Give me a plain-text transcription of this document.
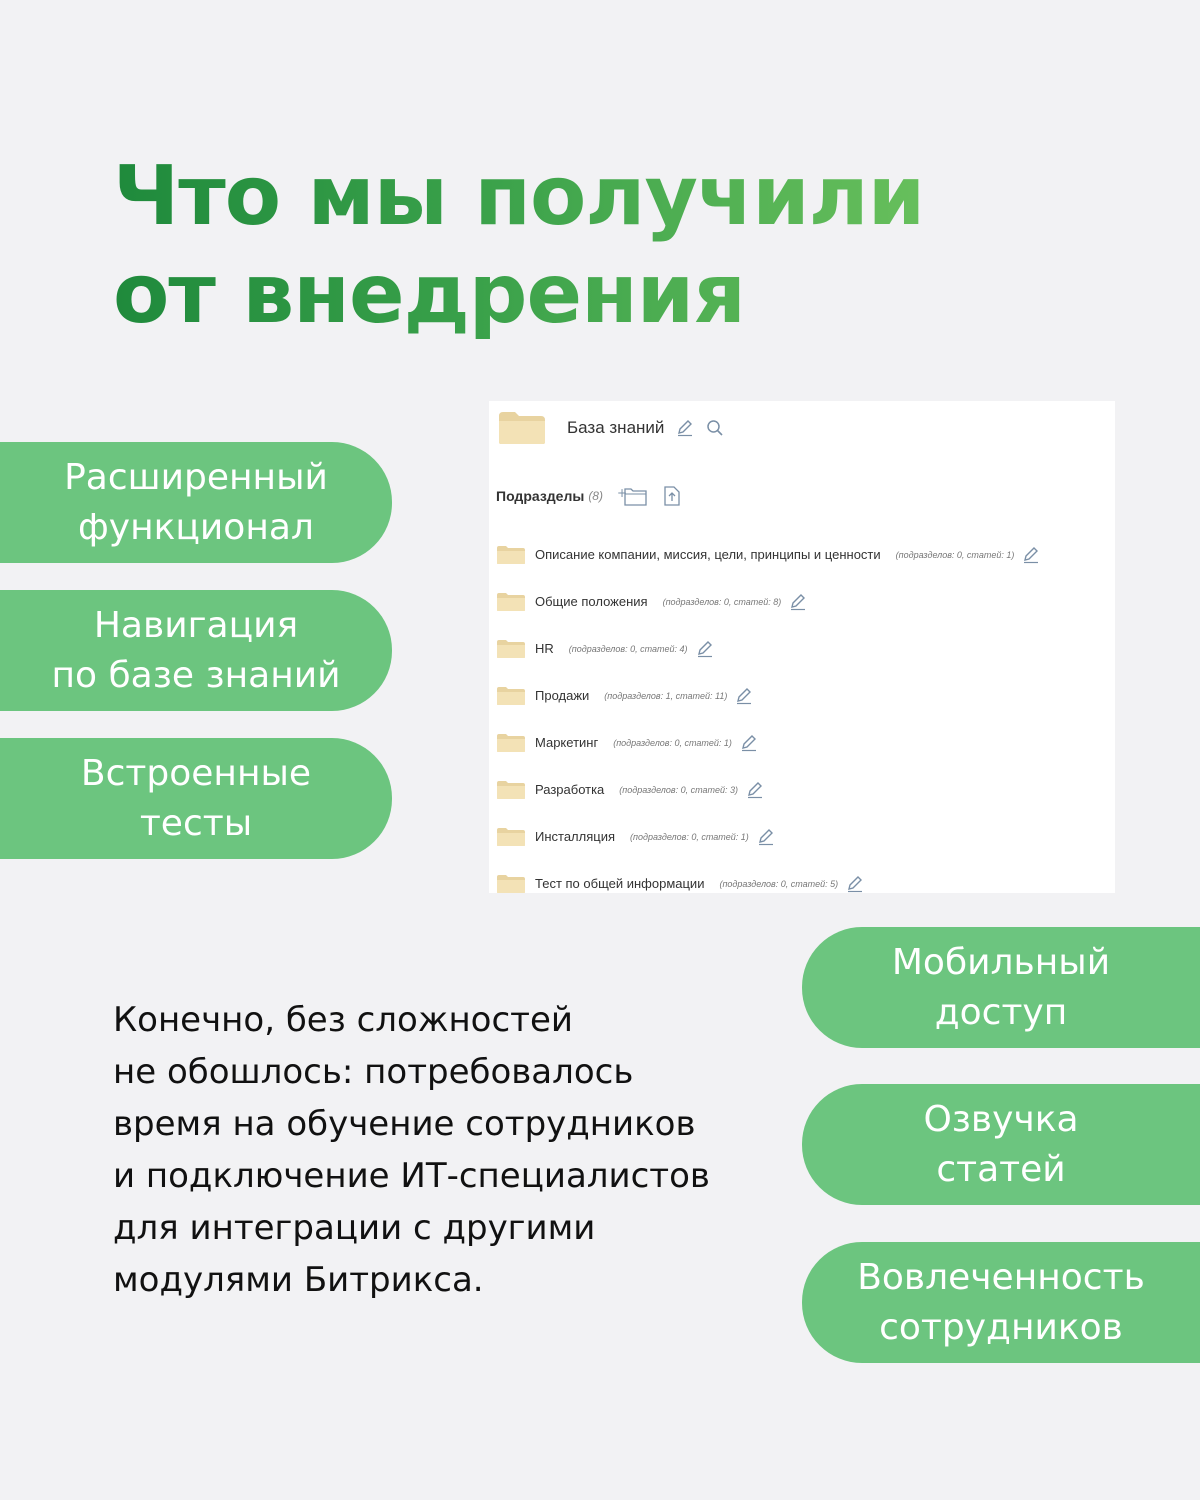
Что мы получили
от внедрения
Расширенный
функционал
Навигация
по базе знаний
Встроенные
тесты
База знаний
Подразделы (8) +
Описание компании, миссия, цели, принципы и ценности (подразделов: 0, статей: 1)
Общие положения (подразделов: 0, статей: 8)
HR (подразделов: 0, статей: 4)
Продажи (подразделов: 1, статей: 11)
Маркетинг (подразделов: 0, статей: 1)
Разработка (подразделов: 0, статей: 3)
Инсталляция (подразделов: 0, статей: 1)
Тест по общей информации (подразделов: 0, статей: 5)
Мобильный
доступ
Озвучка
статей
Вовлеченность
сотрудников

Конечно, без сложностей
не обошлось: потребовалось
время на обучение сотрудников
и подключение ИТ-специалистов
для интеграции с другими
модулями Битрикса.
